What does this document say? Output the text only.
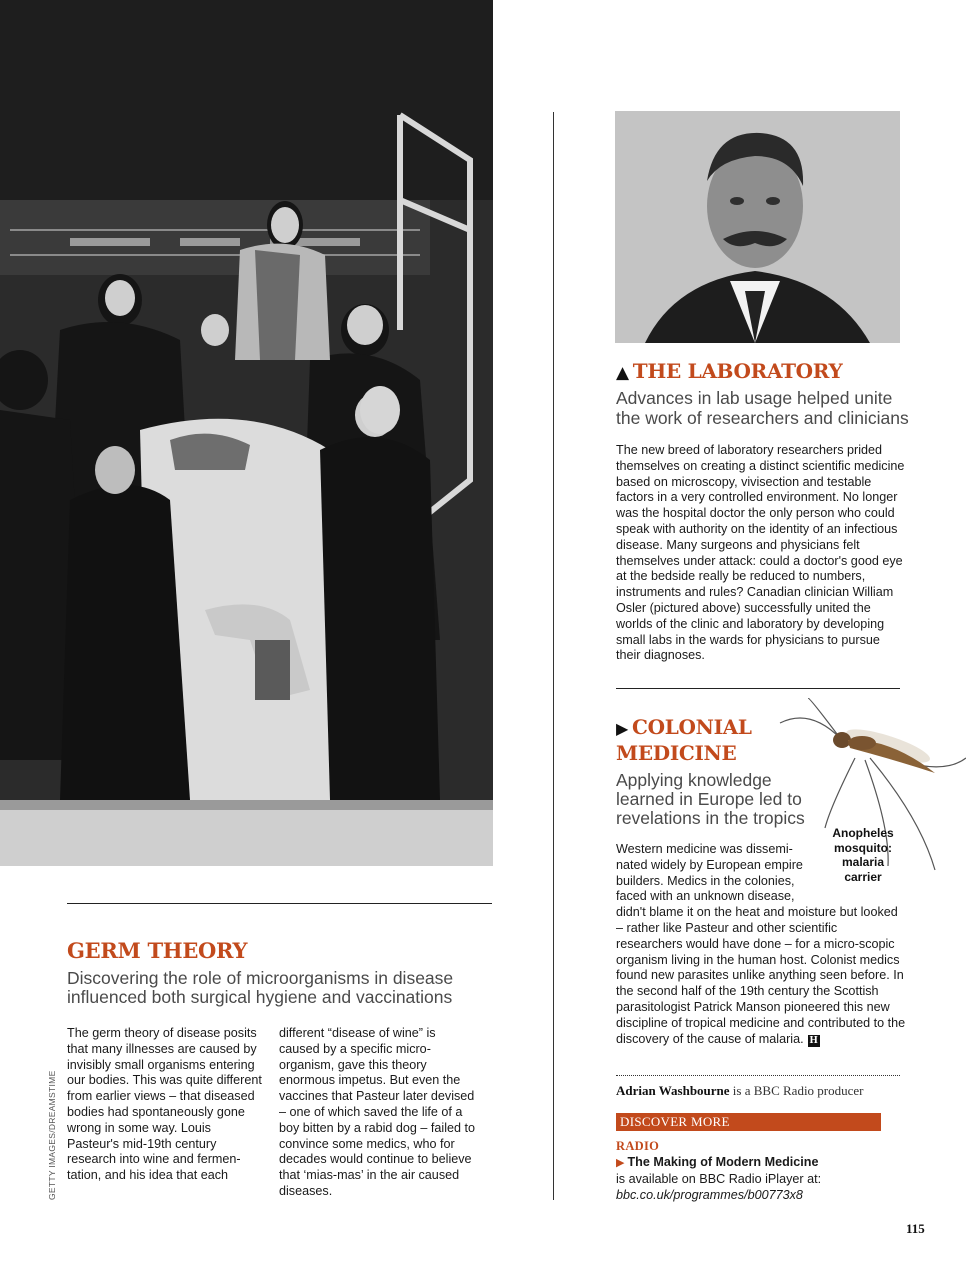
GERM THEORY
Discovering the role of microorganisms in disease influenced both surgical hygiene and vaccinations

The germ theory of disease posits that many illnesses are caused by invisibly small organisms entering our bodies. This was quite different from earlier views – that diseased bodies had spontaneously gone wrong in some way. Louis Pasteur's mid-19th century research into wine and fermen-tation, and his idea that each

different “disease of wine” is caused by a specific micro-organism, gave this theory enormous impetus. But even the vaccines that Pasteur later devised – one of which saved the life of a boy bitten by a rabid dog – failed to convince some medics, who for decades would continue to believe that ‘mias-mas’ in the air caused diseases.

GETTY IMAGES/DREAMSTIME
▲ THE LABORATORY
Advances in lab usage helped unite the work of researchers and clinicians

The new breed of laboratory researchers prided themselves on creating a distinct scientific medicine based on microscopy, vivisection and testable factors in a very controlled environment. No longer was the hospital doctor the only person who could speak with authority on the identity of an infectious disease. Many surgeons and physicians felt themselves under attack: could a doctor's good eye at the bedside really be reduced to numbers, instruments and rules? Canadian clinician William Osler (pictured above) successfully united the worlds of the clinic and laboratory by developing small labs in the wards for physicians to pursue their diagnoses.

▶ COLONIAL MEDICINE
Applying knowledge learned in Europe led to revelations in the tropics

Anopheles mosquito: malaria carrier

Western medicine was dissemi-nated widely by European empire builders. Medics in the colonies, faced with an unknown disease,
didn't blame it on the heat and moisture but looked – rather like Pasteur and other scientific researchers would have done – for a micro-scopic organism living in the human host. Colonist medics found new parasites unlike anything seen before. In the second half of the 19th century the Scottish parasitologist Patrick Manson pioneered this new discipline of tropical medicine and contributed to the discovery of the cause of malaria. H

Adrian Washbourne is a BBC Radio producer

DISCOVER MORE

RADIO

▶ The Making of Modern Medicine
is available on BBC Radio iPlayer at:
bbc.co.uk/programmes/b00773x8

115
